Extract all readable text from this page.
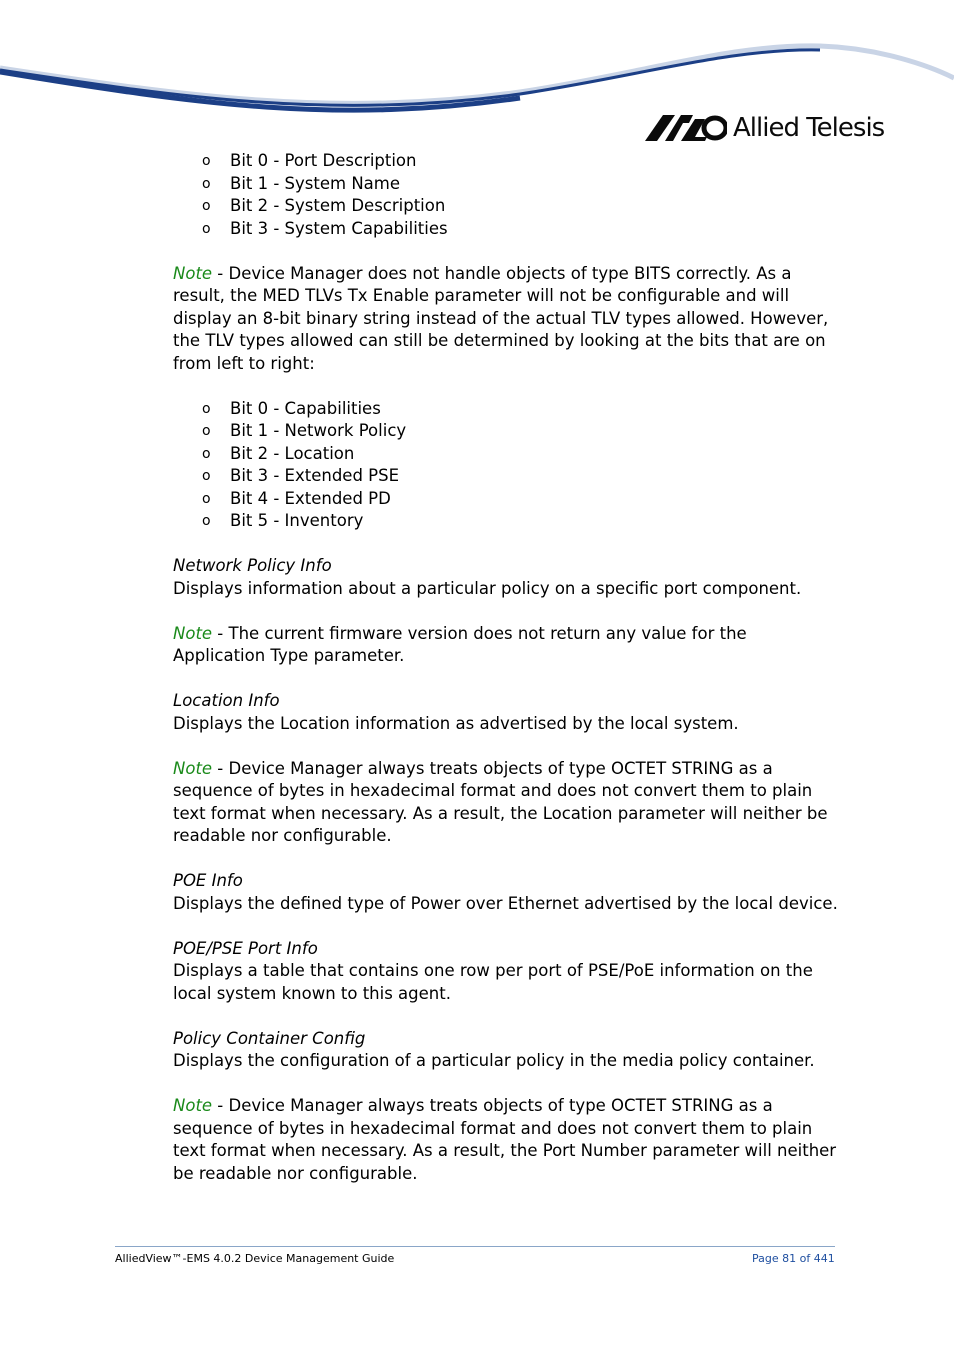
Allied Telesis
o Bit 0 - Port Description
o Bit 1 - System Name
o Bit 2 - System Description
o Bit 3 - System Capabilities

Note - Device Manager does not handle objects of type BITS correctly. As a result, the MED TLVs Tx Enable parameter will not be configurable and will display an 8-bit binary string instead of the actual TLV types allowed. However, the TLV types allowed can still be determined by looking at the bits that are on from left to right:

o Bit 0 - Capabilities
o Bit 1 - Network Policy
o Bit 2 - Location
o Bit 3 - Extended PSE
o Bit 4 - Extended PD
o Bit 5 - Inventory

Network Policy Info

Displays information about a particular policy on a specific port component.

Note - The current firmware version does not return any value for the Application Type parameter.

Location Info

Displays the Location information as advertised by the local system.

Note - Device Manager always treats objects of type OCTET STRING as a sequence of bytes in hexadecimal format and does not convert them to plain text format when necessary. As a result, the Location parameter will neither be readable nor configurable.

POE Info

Displays the defined type of Power over Ethernet advertised by the local device.

POE/PSE Port Info

Displays a table that contains one row per port of PSE/PoE information on the local system known to this agent.

Policy Container Config

Displays the configuration of a particular policy in the media policy container.

Note - Device Manager always treats objects of type OCTET STRING as a sequence of bytes in hexadecimal format and does not convert them to plain text format when necessary. As a result, the Port Number parameter will neither be readable nor configurable.

AlliedView™-EMS 4.0.2 Device Management Guide	Page 81 of 441
